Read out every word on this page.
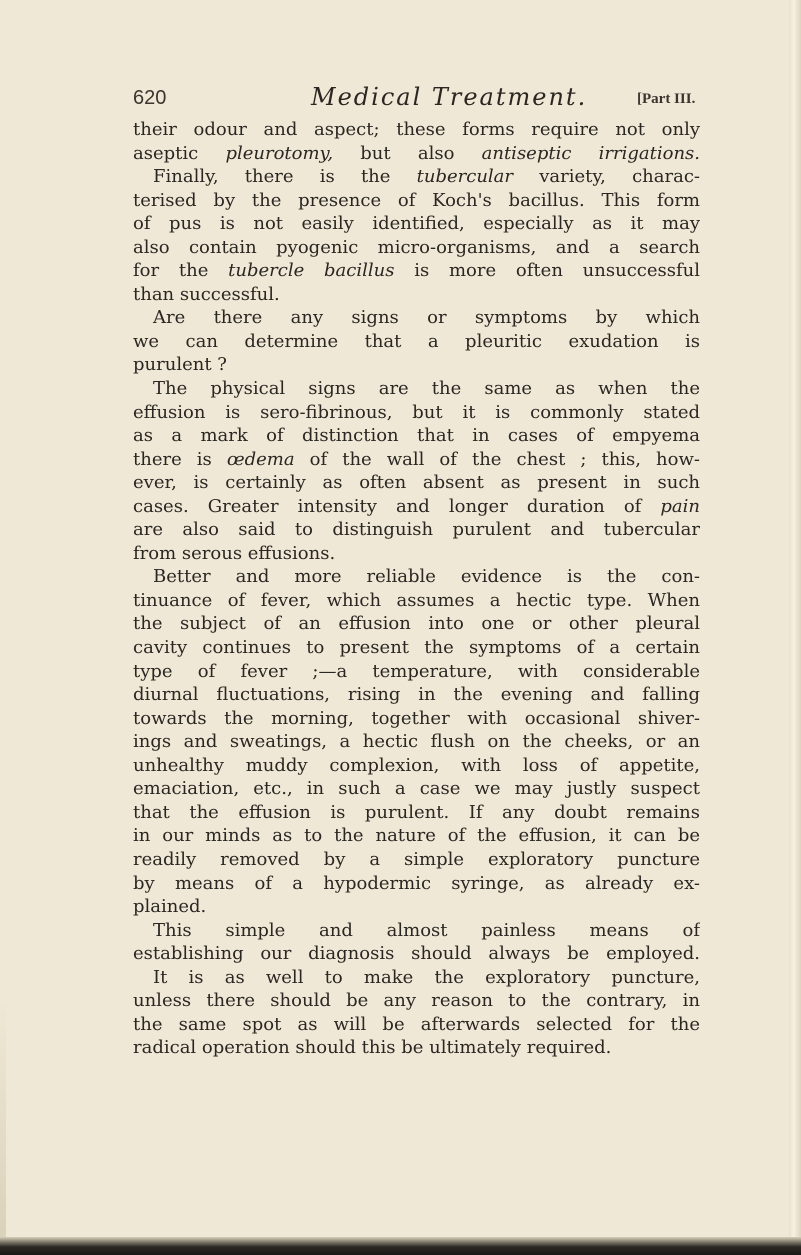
620	Medical Treatment.	[Part III.
their odour and aspect; these forms require not only
aseptic pleurotomy, but also antiseptic irrigations.
Finally, there is the tubercular variety, charac-
terised by the presence of Koch's bacillus. This form
of pus is not easily identified, especially as it may
also contain pyogenic micro-organisms, and a search
for the tubercle bacillus is more often unsuccessful
than successful.
Are there any signs or symptoms by which
we can determine that a pleuritic exudation is
purulent ?
The physical signs are the same as when the
effusion is sero-fibrinous, but it is commonly stated
as a mark of distinction that in cases of empyema
there is œdema of the wall of the chest ; this, how-
ever, is certainly as often absent as present in such
cases. Greater intensity and longer duration of pain
are also said to distinguish purulent and tubercular
from serous effusions.
Better and more reliable evidence is the con-
tinuance of fever, which assumes a hectic type. When
the subject of an effusion into one or other pleural
cavity continues to present the symptoms of a certain
type of fever ;—a temperature, with considerable
diurnal fluctuations, rising in the evening and falling
towards the morning, together with occasional shiver-
ings and sweatings, a hectic flush on the cheeks, or an
unhealthy muddy complexion, with loss of appetite,
emaciation, etc., in such a case we may justly suspect
that the effusion is purulent. If any doubt remains
in our minds as to the nature of the effusion, it can be
readily removed by a simple exploratory puncture
by means of a hypodermic syringe, as already ex-
plained.
This simple and almost painless means of
establishing our diagnosis should always be employed.
It is as well to make the exploratory puncture,
unless there should be any reason to the contrary, in
the same spot as will be afterwards selected for the
radical operation should this be ultimately required.
